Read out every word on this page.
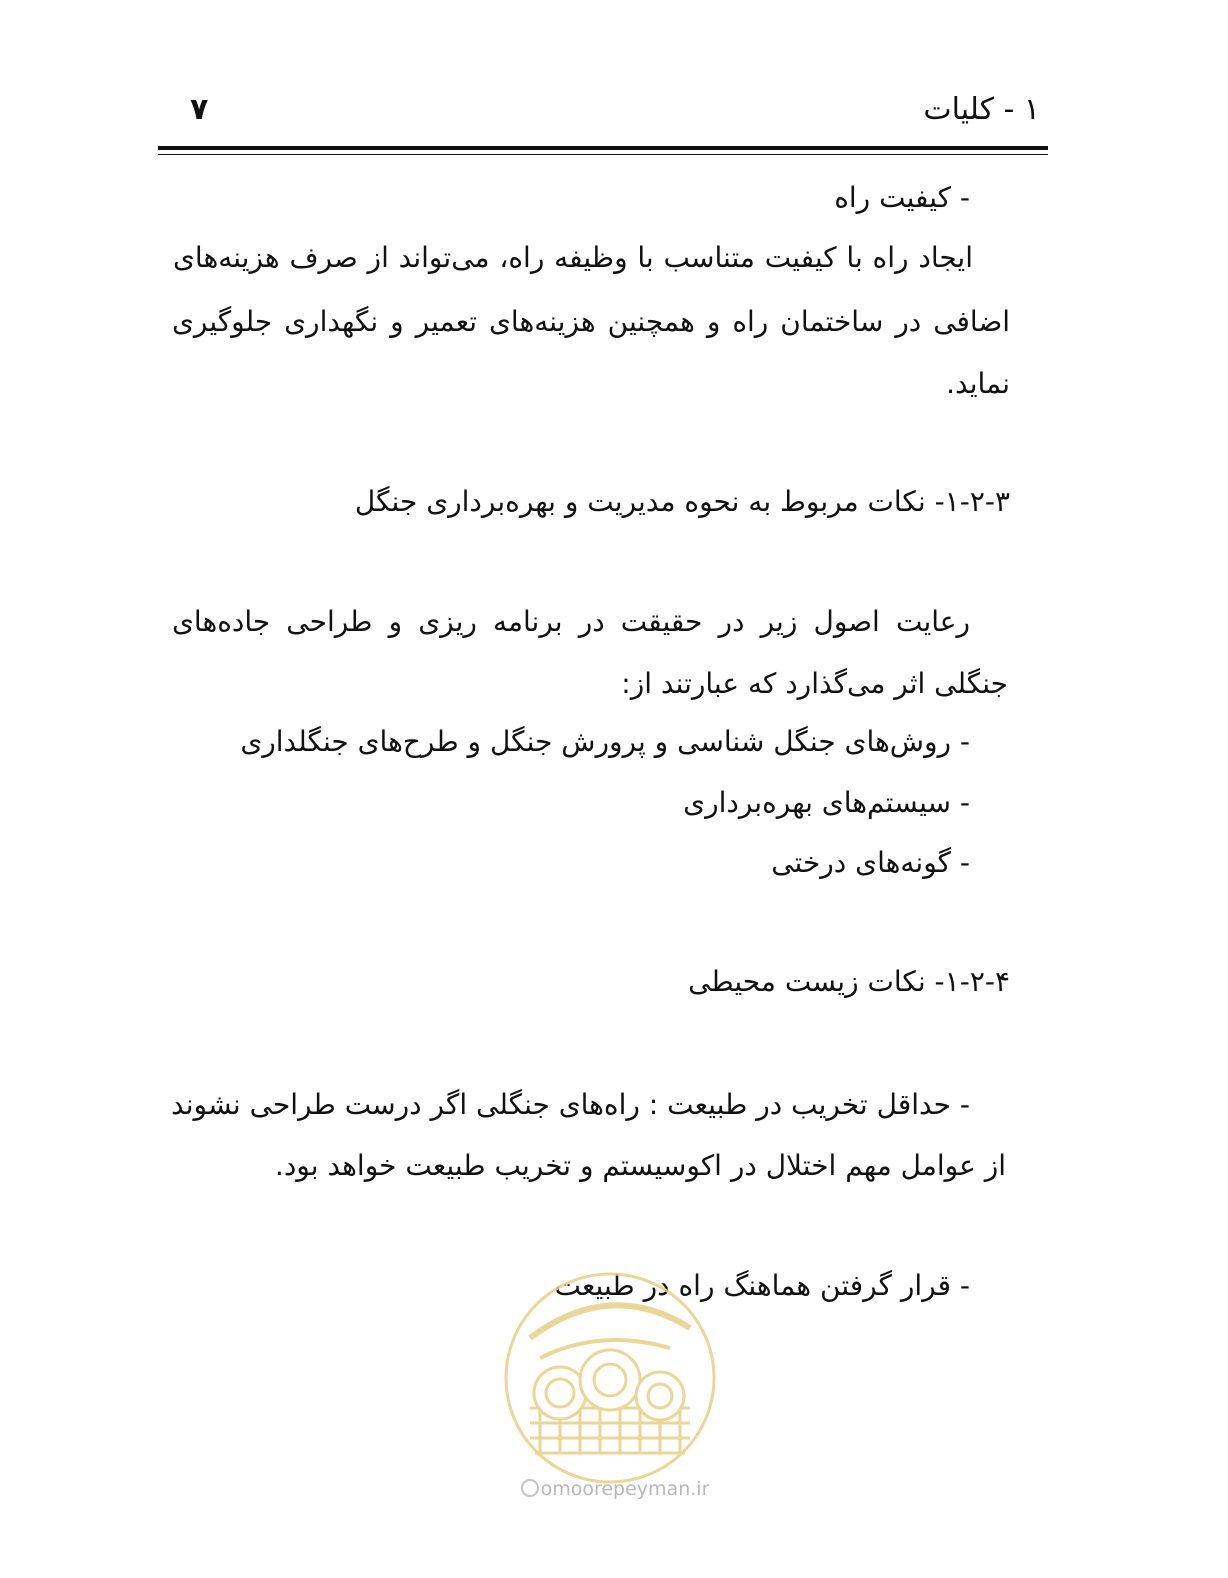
۱ - کلیات
۷
- کیفیت راه
ایجاد راه با کیفیت متناسب با وظیفه راه، می‌تواند از صرف هزینه‌های
اضافی در ساختمان راه و همچنین هزینه‌های تعمیر و نگهداری جلوگیری
نماید.
۱-۲-۳- نکات مربوط به نحوه مدیریت و بهره‌برداری جنگل
رعایت اصول زیر در حقیقت در برنامه ریزی و طراحی جاده‌های
جنگلی اثر می‌گذارد که عبارتند از:
- روش‌های جنگل شناسی و پرورش جنگل و طرح‌های جنگلداری
- سیستم‌های بهره‌برداری
- گونه‌های درختی
۱-۲-۴- نکات زیست محیطی
- حداقل تخریب در طبیعت : راه‌های جنگلی اگر درست طراحی نشوند
از عوامل مهم اختلال در اکوسیستم و تخریب طبیعت خواهد بود.
- قرار گرفتن هماهنگ راه در طبیعت
omoorepeyman.ir
